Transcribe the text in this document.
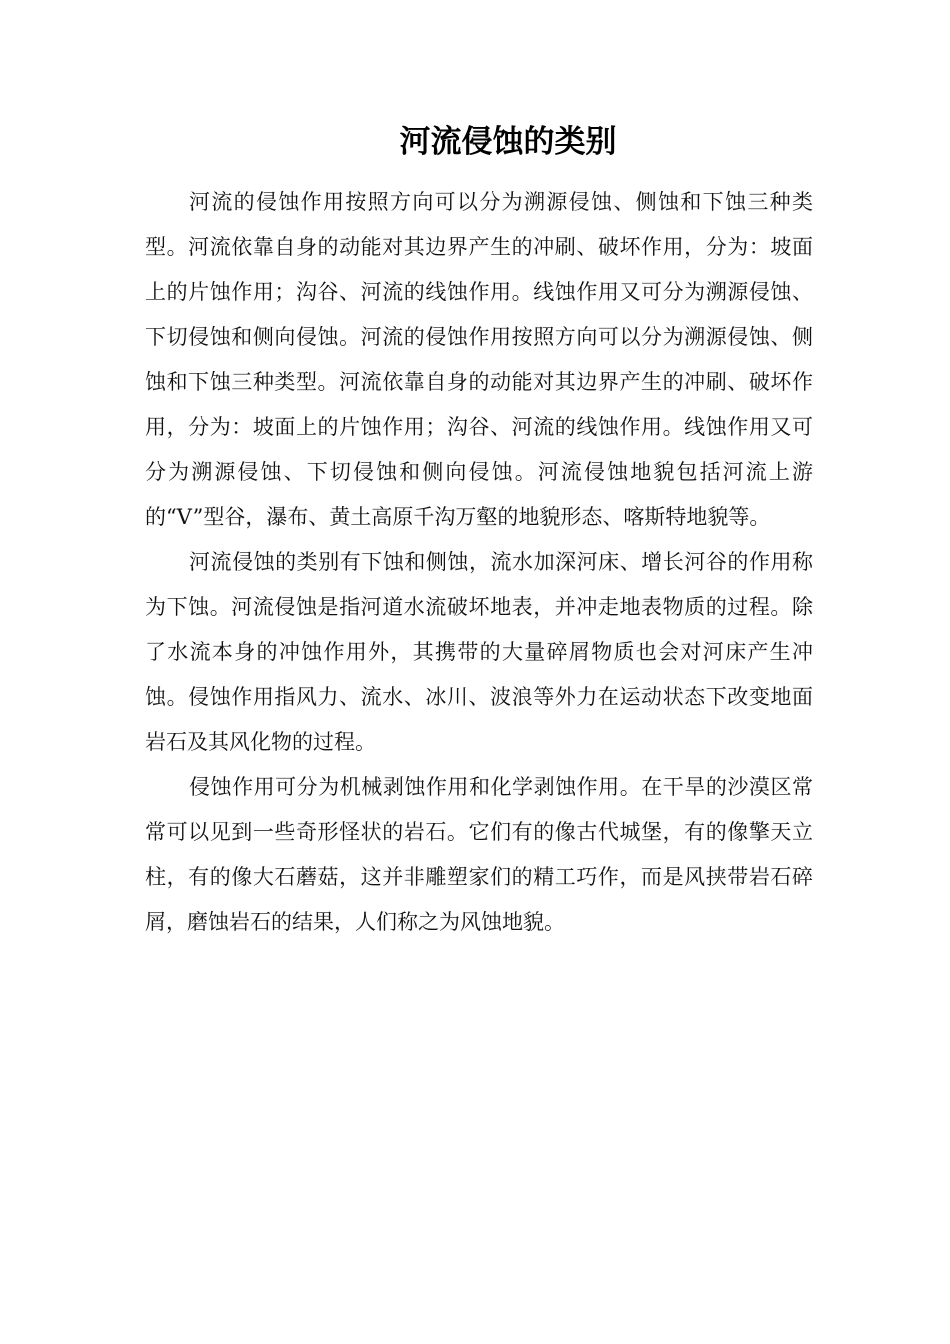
河流侵蚀的类别

河流的侵蚀作用按照方向可以分为溯源侵蚀、侧蚀和下蚀三种类型。河流依靠自身的动能对其边界产生的冲刷、破坏作用，分为：坡面上的片蚀作用；沟谷、河流的线蚀作用。线蚀作用又可分为溯源侵蚀、下切侵蚀和侧向侵蚀。河流的侵蚀作用按照方向可以分为溯源侵蚀、侧蚀和下蚀三种类型。河流依靠自身的动能对其边界产生的冲刷、破坏作用，分为：坡面上的片蚀作用；沟谷、河流的线蚀作用。线蚀作用又可分为溯源侵蚀、下切侵蚀和侧向侵蚀。河流侵蚀地貌包括河流上游的“V”型谷，瀑布、黄土高原千沟万壑的地貌形态、喀斯特地貌等。

河流侵蚀的类别有下蚀和侧蚀，流水加深河床、增长河谷的作用称为下蚀。河流侵蚀是指河道水流破坏地表，并冲走地表物质的过程。除了水流本身的冲蚀作用外，其携带的大量碎屑物质也会对河床产生冲蚀。侵蚀作用指风力、流水、冰川、波浪等外力在运动状态下改变地面岩石及其风化物的过程。

侵蚀作用可分为机械剥蚀作用和化学剥蚀作用。在干旱的沙漠区常常可以见到一些奇形怪状的岩石。它们有的像古代城堡，有的像擎天立柱，有的像大石蘑菇，这并非雕塑家们的精工巧作，而是风挟带岩石碎屑，磨蚀岩石的结果，人们称之为风蚀地貌。
